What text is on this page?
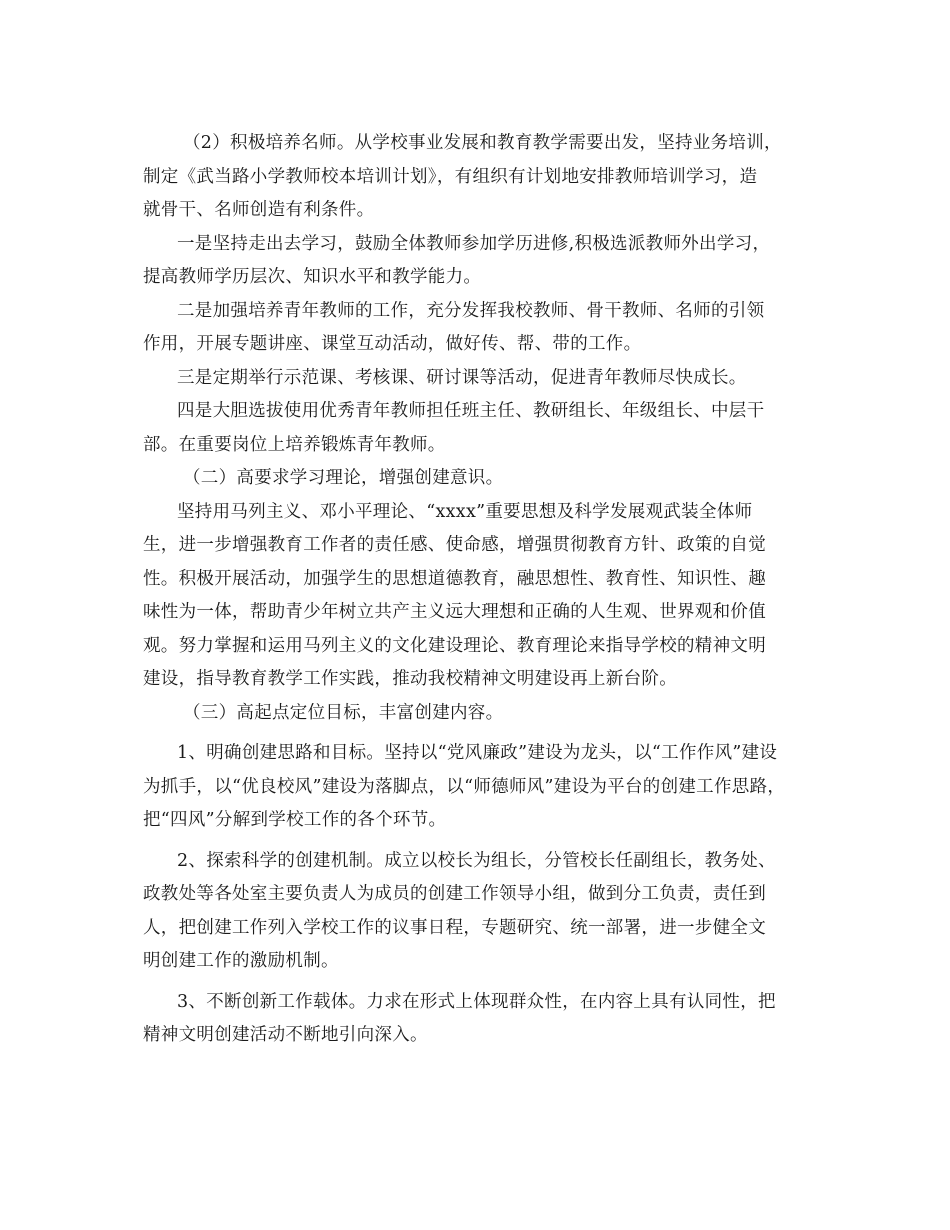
（2）积极培养名师。从学校事业发展和教育教学需要出发，坚持业务培训，
制定《武当路小学教师校本培训计划》，有组织有计划地安排教师培训学习，造
就骨干、名师创造有利条件。
一是坚持走出去学习，鼓励全体教师参加学历进修,积极选派教师外出学习，
提高教师学历层次、知识水平和教学能力。
二是加强培养青年教师的工作，充分发挥我校教师、骨干教师、名师的引领
作用，开展专题讲座、课堂互动活动，做好传、帮、带的工作。
三是定期举行示范课、考核课、研讨课等活动，促进青年教师尽快成长。
四是大胆选拔使用优秀青年教师担任班主任、教研组长、年级组长、中层干
部。在重要岗位上培养锻炼青年教师。
（二）高要求学习理论，增强创建意识。
坚持用马列主义、邓小平理论、“xxxx”重要思想及科学发展观武装全体师
生，进一步增强教育工作者的责任感、使命感，增强贯彻教育方针、政策的自觉
性。积极开展活动，加强学生的思想道德教育，融思想性、教育性、知识性、趣
味性为一体，帮助青少年树立共产主义远大理想和正确的人生观、世界观和价值
观。努力掌握和运用马列主义的文化建设理论、教育理论来指导学校的精神文明
建设，指导教育教学工作实践，推动我校精神文明建设再上新台阶。
（三）高起点定位目标，丰富创建内容。
1、明确创建思路和目标。坚持以“党风廉政”建设为龙头，以“工作作风”建设
为抓手，以“优良校风”建设为落脚点，以“师德师风”建设为平台的创建工作思路，
把“四风”分解到学校工作的各个环节。
2、探索科学的创建机制。成立以校长为组长，分管校长任副组长，教务处、
政教处等各处室主要负责人为成员的创建工作领导小组，做到分工负责，责任到
人，把创建工作列入学校工作的议事日程，专题研究、统一部署，进一步健全文
明创建工作的激励机制。
3、不断创新工作载体。力求在形式上体现群众性，在内容上具有认同性，把
精神文明创建活动不断地引向深入。
